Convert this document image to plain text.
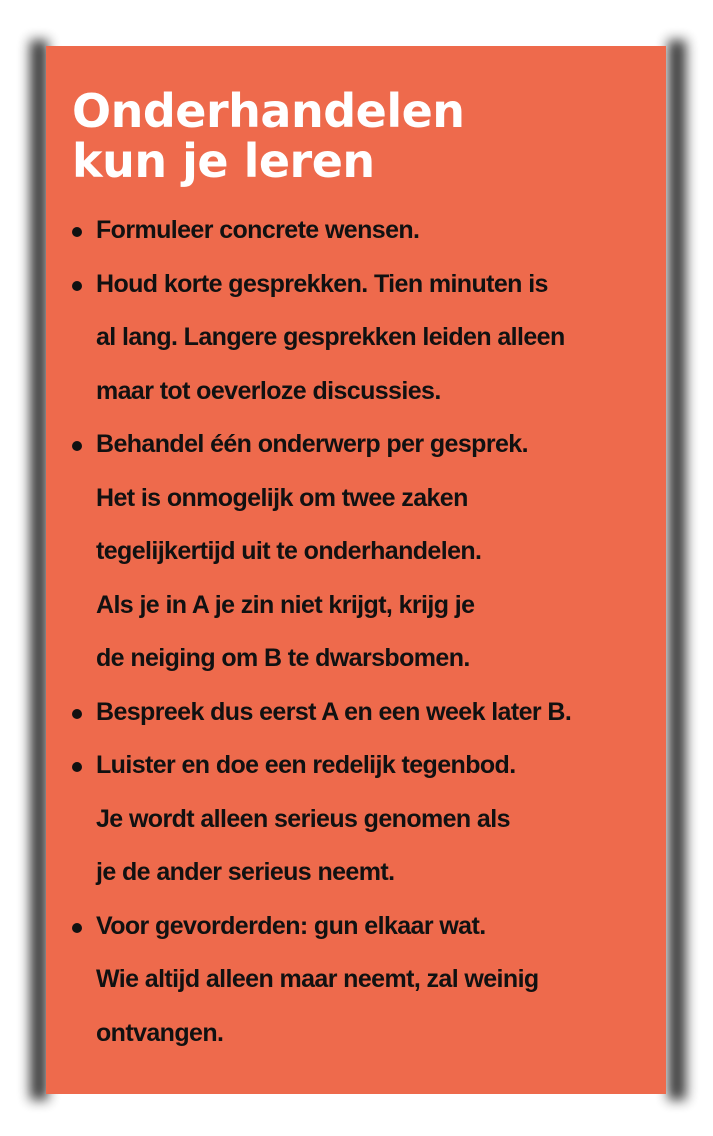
Onderhandelen
kun je leren
Formuleer concrete wensen.
Houd korte gesprekken. Tien minuten is
al lang. Langere gesprekken leiden alleen
maar tot oeverloze discussies.
Behandel één onderwerp per gesprek.
Het is onmogelijk om twee zaken
tegelijkertijd uit te onderhandelen.
Als je in A je zin niet krijgt, krijg je
de neiging om B te dwarsbomen.
Bespreek dus eerst A en een week later B.
Luister en doe een redelijk tegenbod.
Je wordt alleen serieus genomen als
je de ander serieus neemt.
Voor gevorderden: gun elkaar wat.
Wie altijd alleen maar neemt, zal weinig
ontvangen.
